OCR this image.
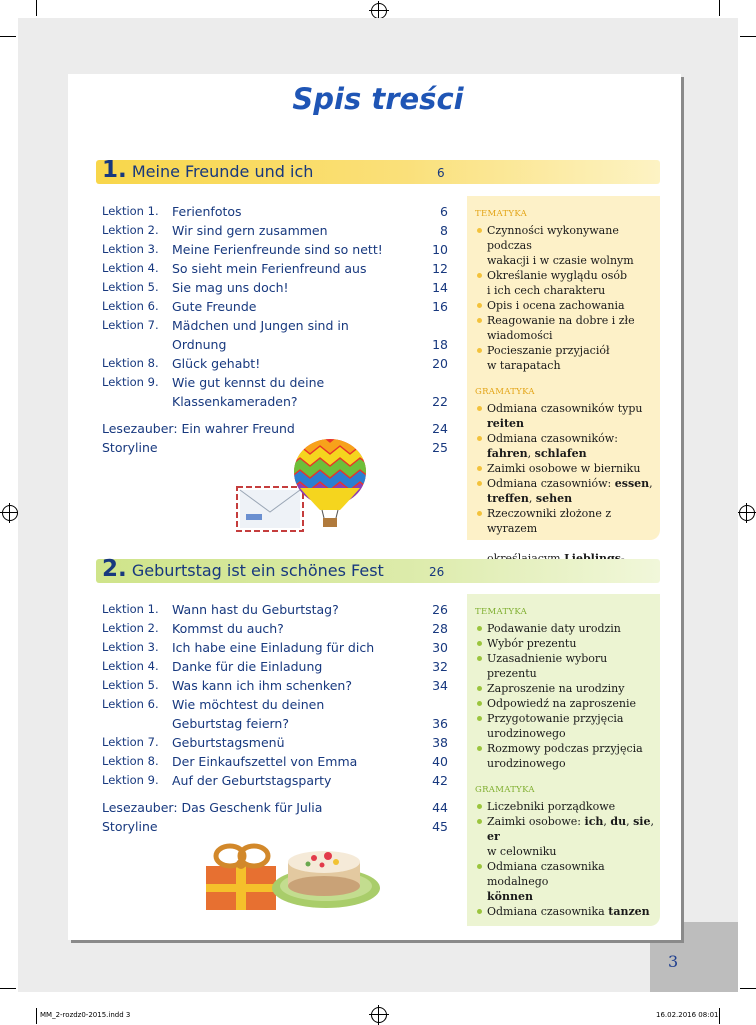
MM_2-rozdz0-2015.indd 3	16.02.2016 08:01
3
Spis treści
1. Meine Freunde und ich	6
Lektion 1. Ferienfotos	6
Lektion 2. Wir sind gern zusammen	8
Lektion 3. Meine Ferienfreunde sind so nett!	10
Lektion 4. So sieht mein Ferienfreund aus	12
Lektion 5. Sie mag uns doch!	14
Lektion 6. Gute Freunde	16
Lektion 7. Mädchen und Jungen sind in
Ordnung	18
Lektion 8. Glück gehabt!	20
Lektion 9. Wie gut kennst du deine
Klassenkameraden?	22
Lesezauber: Ein wahrer Freund	24
Storyline	25
TEMATYKA
Czynności wykonywane podczas
wakacji i w czasie wolnym
Określanie wyglądu osób
i ich cech charakteru
Opis i ocena zachowania
Reagowanie na dobre i złe
wiadomości
Pocieszanie przyjaciół
w tarapatach
GRAMATYKA
Odmiana czasowników typu
reiten
Odmiana czasowników: fahren, schlafen
Zaimki osobowe w bierniku
Odmiana czasowniów: essen, treffen, sehen
Rzeczowniki złożone z wyrazem

2. Geburtstag ist ein schönes Fest	26
Lektion 1. Wann hast du Geburtstag?	26
Lektion 2. Kommst du auch?	28
Lektion 3. Ich habe eine Einladung für dich	30
Lektion 4. Danke für die Einladung	32
Lektion 5. Was kann ich ihm schenken?	34
Lektion 6. Wie möchtest du deinen
Geburtstag feiern?	36
Lektion 7. Geburtstagsmenü	38
Lektion 8. Der Einkaufszettel von Emma	40
Lektion 9. Auf der Geburtstagsparty	42
Lesezauber: Das Geschenk für Julia	44
Storyline	45
TEMATYKA
Podawanie daty urodzin
Wybór prezentu
Uzasadnienie wyboru prezentu
Zaproszenie na urodziny
Odpowiedź na zaproszenie
Przygotowanie przyjęcia
urodzinowego
Rozmowy podczas przyjęcia
urodzinowego
GRAMATYKA
Liczebniki porządkowe
Zaimki osobowe: ich, du, sie, er
w celowniku
Odmiana czasownika modalnego
können
Odmiana czasownika tanzen
